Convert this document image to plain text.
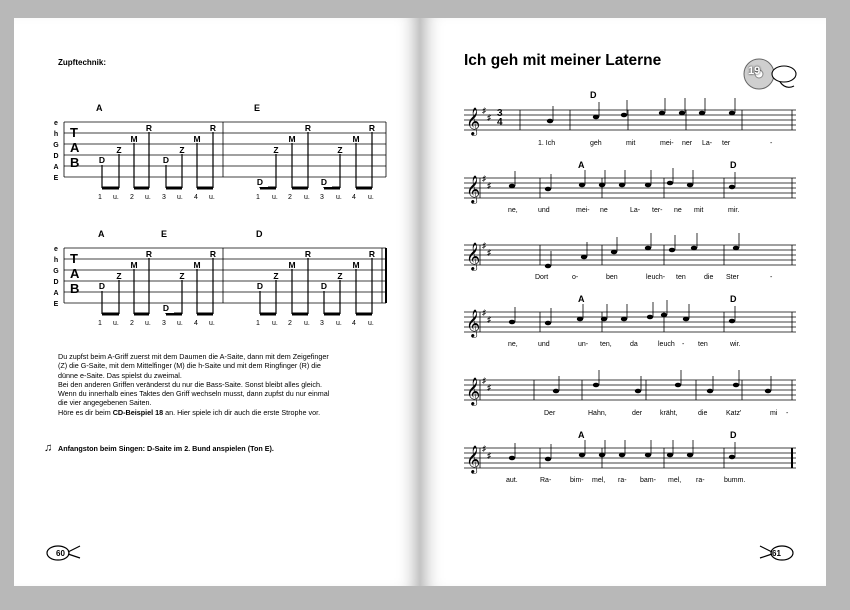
Zupftechnik:
A	E
D
Z
M
R
D
Z
M
R
D
Z
M
R
D
Z
M
R
D
Z
M
R
D
Z
M
R
D
Z
M
R
D
Z
M
R
e
h
G
D
A
E
T
A
B
1 u. 2 u. 3 u. 4 u.	1 u. 2 u. 3 u. 4 u.
A	E	D
e
h
G
D
A
E
T
A
B
1 u. 2 u. 3 u. 4 u.	1 u. 2 u. 3 u. 4 u.
Du zupfst beim A-Griff zuerst mit dem Daumen die A-Saite, dann mit dem Zeigefinger
(Z) die G-Saite, mit dem Mittelfinger (M) die h-Saite und mit dem Ringfinger (R) die
dünne e-Saite. Das spielst du zweimal.
Bei den anderen Griffen veränderst du nur die Bass-Saite. Sonst bleibt alles gleich.
Wenn du innerhalb eines Taktes den Griff wechseln musst, dann zupfst du nur einmal
die vier angegebenen Saiten.
Höre es dir beim CD-Beispiel 18 an. Hier spiele ich dir auch die erste Strophe vor.
♫ Anfangston beim Singen: D-Saite im 2. Bund anspielen (Ton E).
60
Ich geh mit meiner Laterne
19
𝄞 ♯
♯
𝄞 ♯
♯
𝄞 ♯
♯
𝄞 ♯
♯
𝄞 ♯
♯
𝄞 ♯
♯
D
A	D
A	D
A	D
3
4
1. Ich	geh	mit	mei- ner La- ter	-
ne,	und	mei- ne	La- ter- ne mit	mir.
Dort	o-	ben	leuch- ten	die Ster	-
ne,	und	un- ten,	da	leuch - ten	wir.
Der	Hahn,	der	kräht,	die	Katz'	mi -
aut.	Ra-	bim- mel, ra- bam- mel, ra-	bumm.
61
